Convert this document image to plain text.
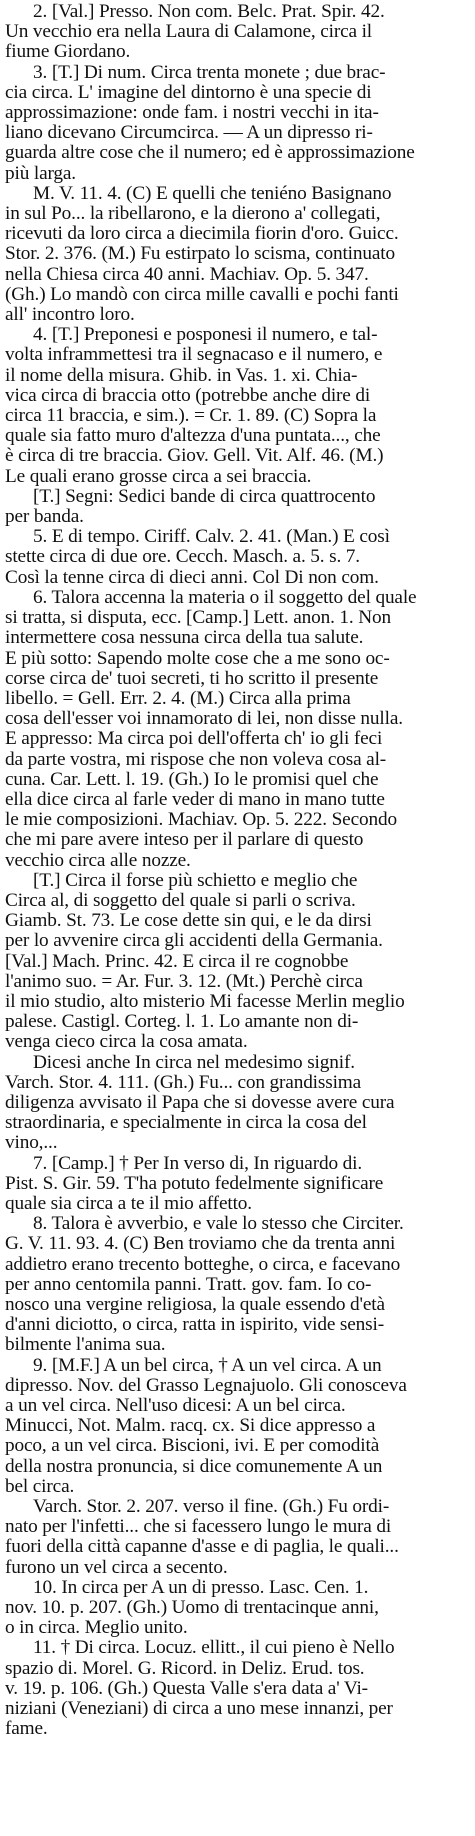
2. [Val.] Presso. Non com. Belc. Prat. Spir. 42.
Un vecchio era nella Laura di Calamone, circa il
fiume Giordano.
3. [T.] Di num. Circa trenta monete ; due brac-
cia circa. L' imagine del dintorno è una specie di
approssimazione: onde fam. i nostri vecchi in ita-
liano dicevano Circumcirca. — A un dipresso ri-
guarda altre cose che il numero; ed è approssimazione
più larga.
M. V. 11. 4. (C) E quelli che teniéno Basignano
in sul Po... la ribellarono, e la dierono a' collegati,
ricevuti da loro circa a diecimila fiorin d'oro. Guicc.
Stor. 2. 376. (M.) Fu estirpato lo scisma, continuato
nella Chiesa circa 40 anni. Machiav. Op. 5. 347.
(Gh.) Lo mandò con circa mille cavalli e pochi fanti
all' incontro loro.
4. [T.] Preponesi e posponesi il numero, e tal-
volta inframmettesi tra il segnacaso e il numero, e
il nome della misura. Ghib. in Vas. 1. xi. Chia-
vica circa di braccia otto (potrebbe anche dire di
circa 11 braccia, e sim.). = Cr. 1. 89. (C) Sopra la
quale sia fatto muro d'altezza d'una puntata..., che
è circa di tre braccia. Giov. Gell. Vit. Alf. 46. (M.)
Le quali erano grosse circa a sei braccia.
[T.] Segni: Sedici bande di circa quattrocento
per banda.
5. E di tempo. Ciriff. Calv. 2. 41. (Man.) E così
stette circa di due ore. Cecch. Masch. a. 5. s. 7.
Così la tenne circa di dieci anni. Col Di non com.
6. Talora accenna la materia o il soggetto del quale
si tratta, si disputa, ecc. [Camp.] Lett. anon. 1. Non
intermettere cosa nessuna circa della tua salute.
E più sotto: Sapendo molte cose che a me sono oc-
corse circa de' tuoi secreti, ti ho scritto il presente
libello. = Gell. Err. 2. 4. (M.) Circa alla prima
cosa dell'esser voi innamorato di lei, non disse nulla.
E appresso: Ma circa poi dell'offerta ch' io gli feci
da parte vostra, mi rispose che non voleva cosa al-
cuna. Car. Lett. l. 19. (Gh.) Io le promisi quel che
ella dice circa al farle veder di mano in mano tutte
le mie composizioni. Machiav. Op. 5. 222. Secondo
che mi pare avere inteso per il parlare di questo
vecchio circa alle nozze.
[T.] Circa il forse più schietto e meglio che
Circa al, di soggetto del quale si parli o scriva.
Giamb. St. 73. Le cose dette sin qui, e le da dirsi
per lo avvenire circa gli accidenti della Germania.
[Val.] Mach. Princ. 42. E circa il re cognobbe
l'animo suo. = Ar. Fur. 3. 12. (Mt.) Perchè circa
il mio studio, alto misterio Mi facesse Merlin meglio
palese. Castigl. Corteg. l. 1. Lo amante non di-
venga cieco circa la cosa amata.
Dicesi anche In circa nel medesimo signif.
Varch. Stor. 4. 111. (Gh.) Fu... con grandissima
diligenza avvisato il Papa che si dovesse avere cura
straordinaria, e specialmente in circa la cosa del
vino,...
7. [Camp.] † Per In verso di, In riguardo di.
Pist. S. Gir. 59. T'ha potuto fedelmente significare
quale sia circa a te il mio affetto.
8. Talora è avverbio, e vale lo stesso che Circiter.
G. V. 11. 93. 4. (C) Ben troviamo che da trenta anni
addietro erano trecento botteghe, o circa, e facevano
per anno centomila panni. Tratt. gov. fam. Io co-
nosco una vergine religiosa, la quale essendo d'età
d'anni diciotto, o circa, ratta in ispirito, vide sensi-
bilmente l'anima sua.
9. [M.F.] A un bel circa, † A un vel circa. A un
dipresso. Nov. del Grasso Legnajuolo. Gli conosceva
a un vel circa. Nell'uso dicesi: A un bel circa.
Minucci, Not. Malm. racq. cx. Si dice appresso a
poco, a un vel circa. Biscioni, ivi. E per comodità
della nostra pronuncia, si dice comunemente A un
bel circa.
Varch. Stor. 2. 207. verso il fine. (Gh.) Fu ordi-
nato per l'infetti... che si facessero lungo le mura di
fuori della città capanne d'asse e di paglia, le quali...
furono un vel circa a secento.
10. In circa per A un di presso. Lasc. Cen. 1.
nov. 10. p. 207. (Gh.) Uomo di trentacinque anni,
o in circa. Meglio unito.
11. † Di circa. Locuz. ellitt., il cui pieno è Nello
spazio di. Morel. G. Ricord. in Deliz. Erud. tos.
v. 19. p. 106. (Gh.) Questa Valle s'era data a' Vi-
niziani (Veneziani) di circa a uno mese innanzi, per
fame.
